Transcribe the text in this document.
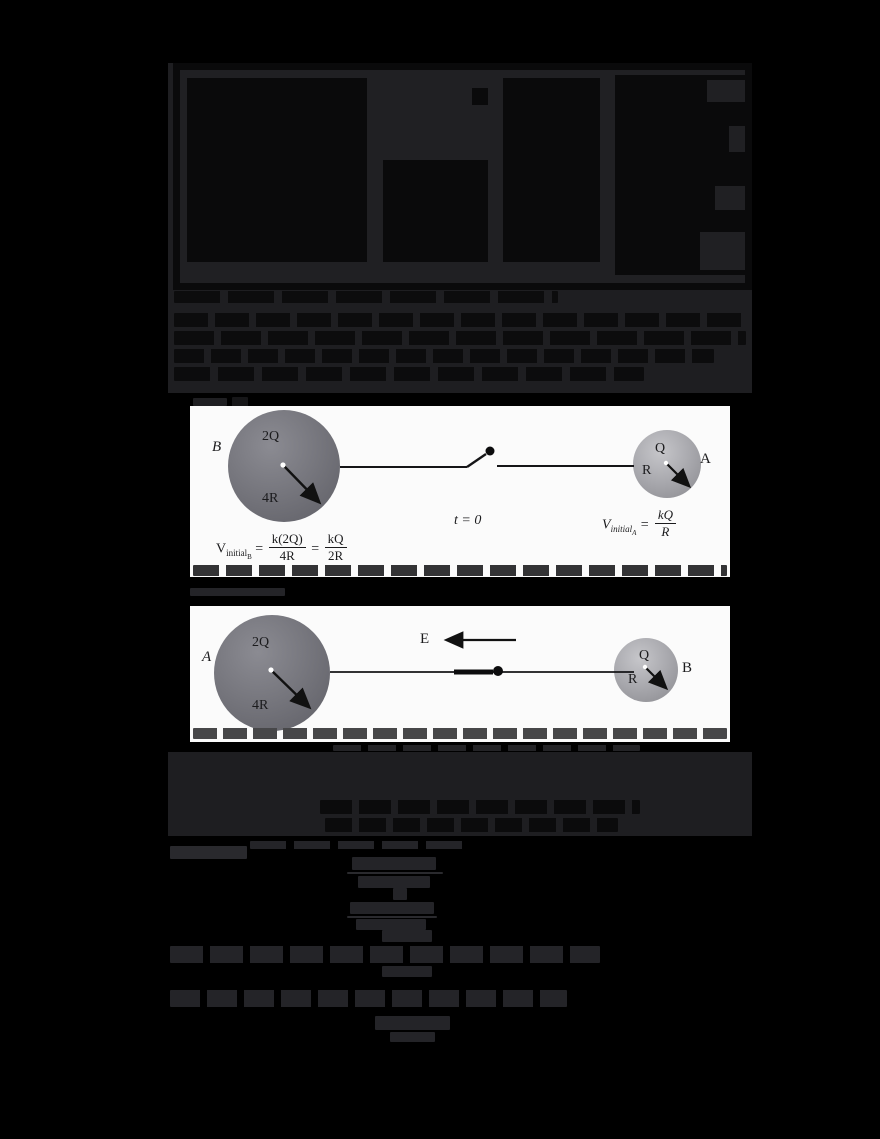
B
2Q
4R
t = 0
Q
R
A
$V_{initial_A} = \frac{kQ}{R}$
$V_{initial_B} = \frac{k(2Q)}{4R} = \frac{kQ}{2R}$
A
2Q
4R
E
Q
R
B
